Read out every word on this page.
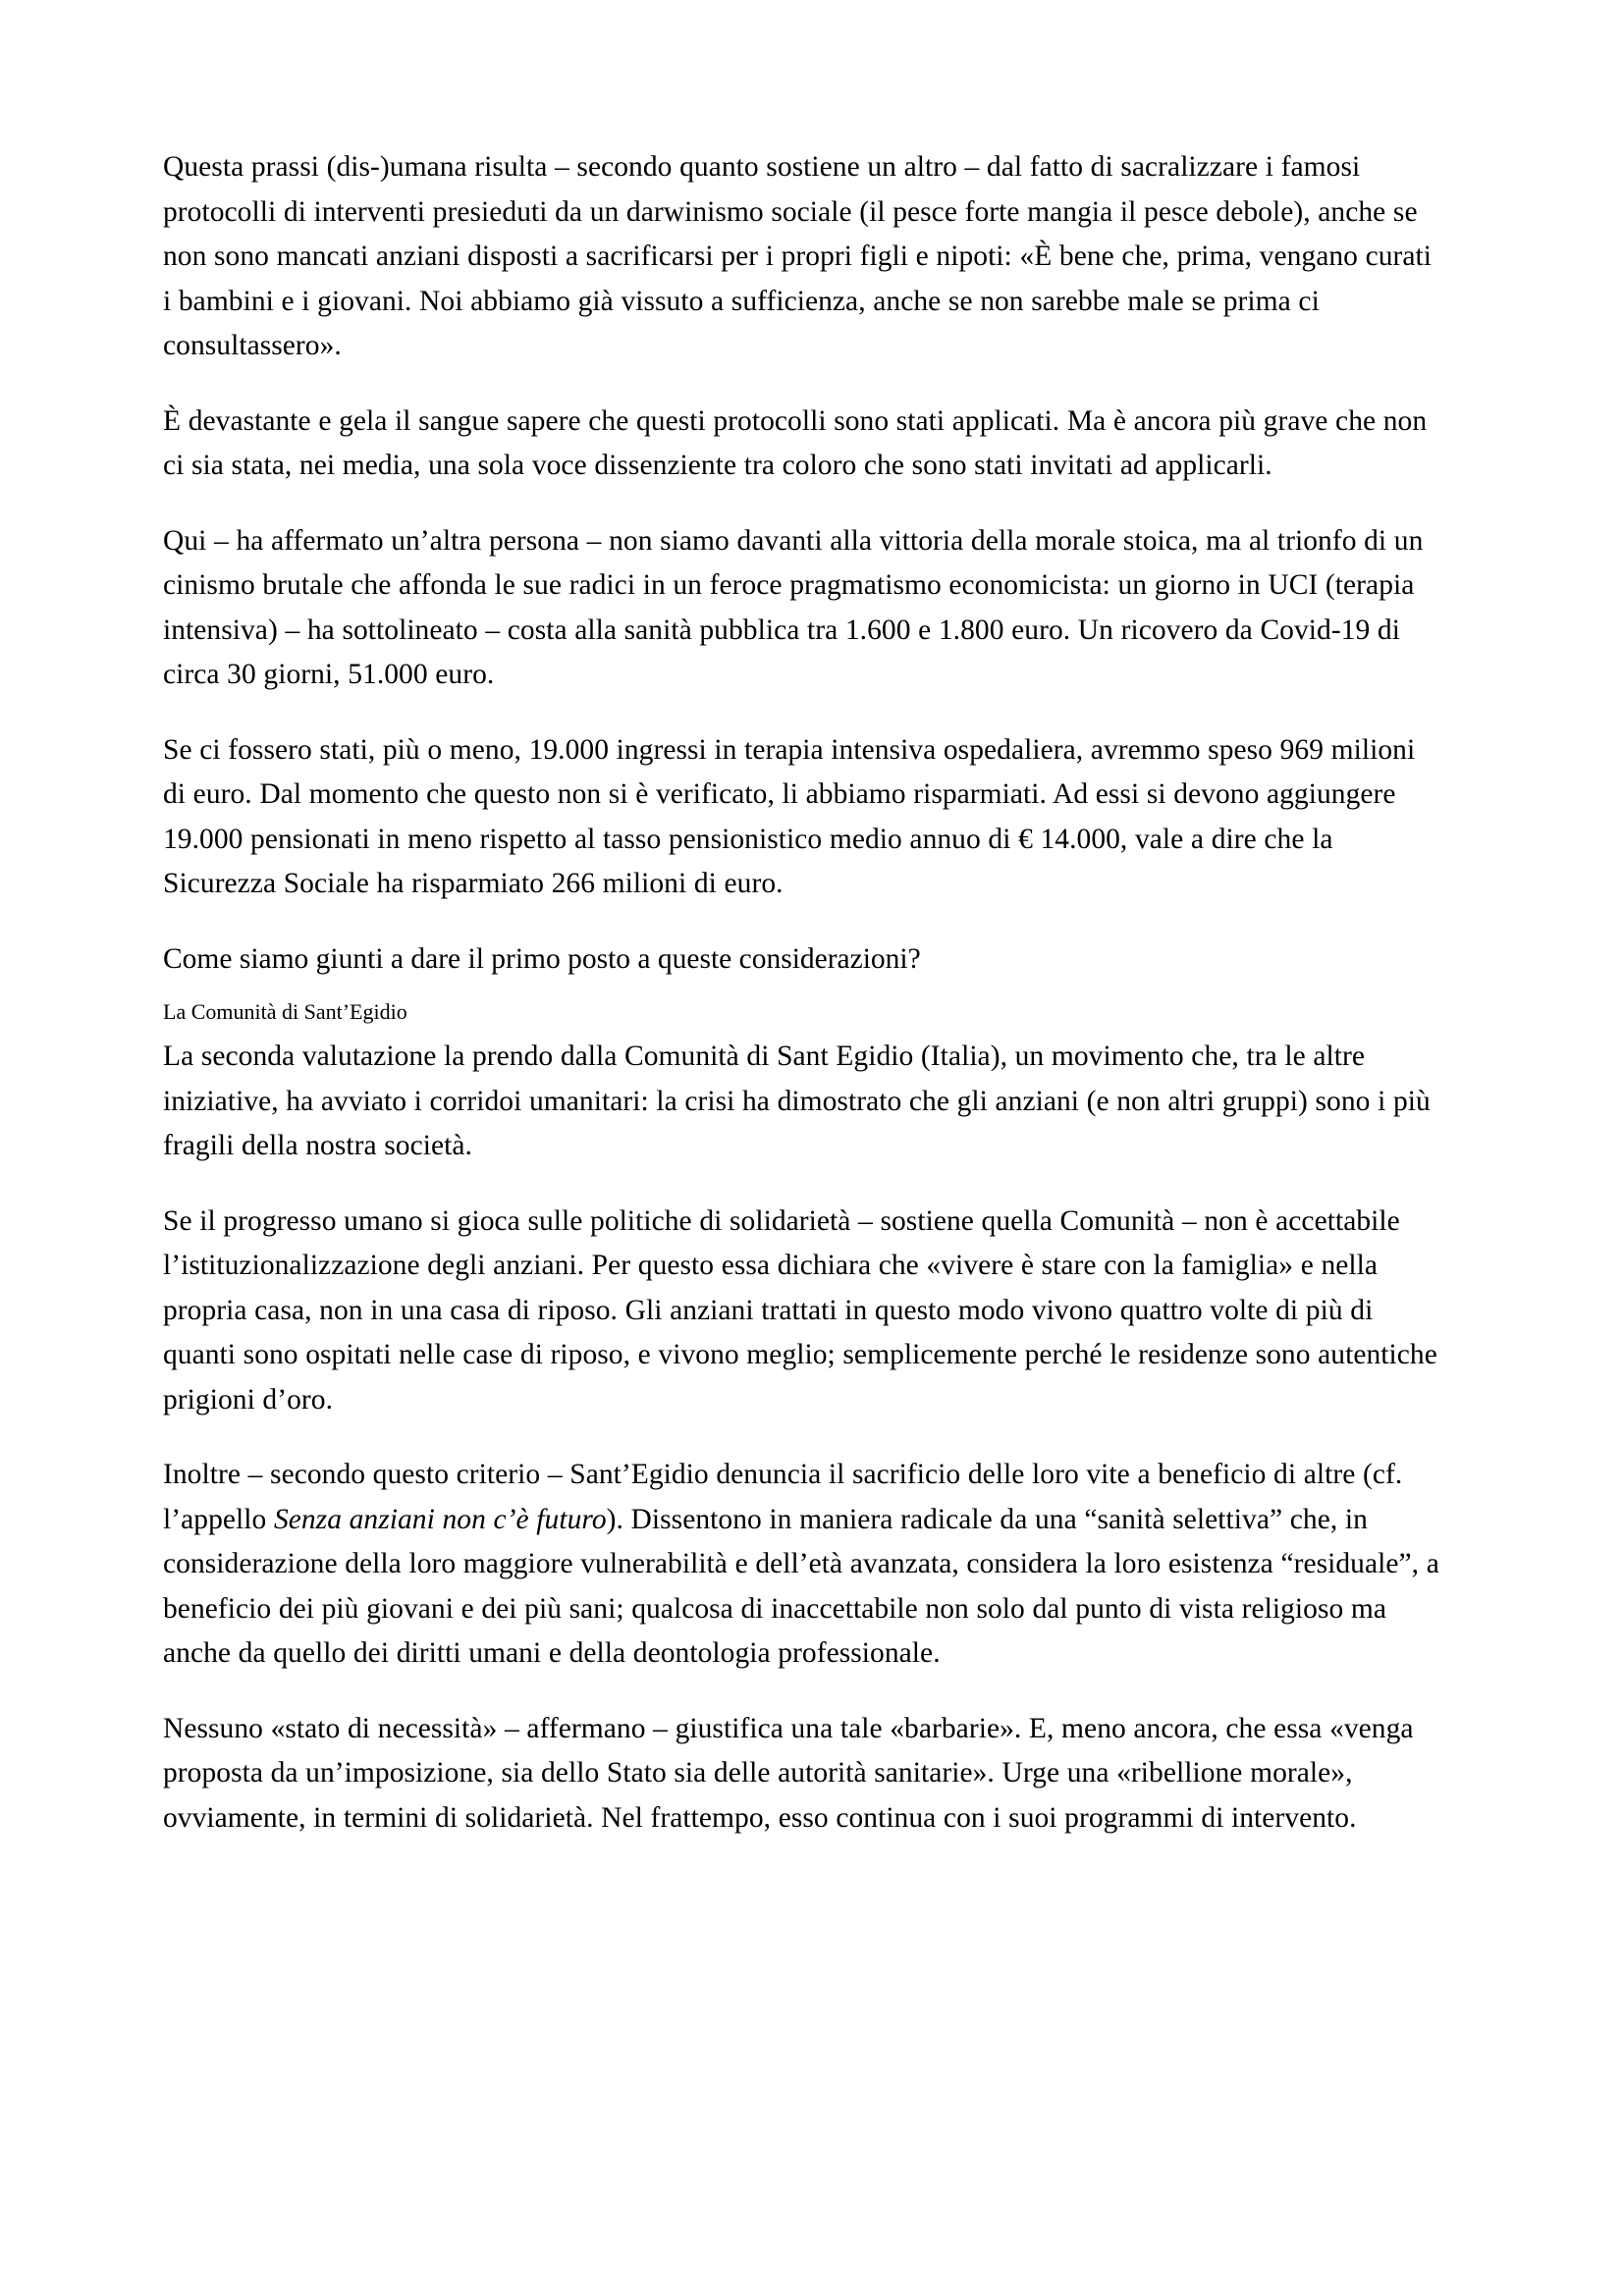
Questa prassi (dis-)umana risulta – secondo quanto sostiene un altro – dal fatto di sacralizzare i famosi protocolli di interventi presieduti da un darwinismo sociale (il pesce forte mangia il pesce debole), anche se non sono mancati anziani disposti a sacrificarsi per i propri figli e nipoti: «È bene che, prima, vengano curati i bambini e i giovani. Noi abbiamo già vissuto a sufficienza, anche se non sarebbe male se prima ci consultassero».

È devastante e gela il sangue sapere che questi protocolli sono stati applicati. Ma è ancora più grave che non ci sia stata, nei media, una sola voce dissenziente tra coloro che sono stati invitati ad applicarli.

Qui – ha affermato un’altra persona – non siamo davanti alla vittoria della morale stoica, ma al trionfo di un cinismo brutale che affonda le sue radici in un feroce pragmatismo economicista: un giorno in UCI (terapia intensiva) – ha sottolineato – costa alla sanità pubblica tra 1.600 e 1.800 euro. Un ricovero da Covid-19 di circa 30 giorni, 51.000 euro.

Se ci fossero stati, più o meno, 19.000 ingressi in terapia intensiva ospedaliera, avremmo speso 969 milioni di euro. Dal momento che questo non si è verificato, li abbiamo risparmiati. Ad essi si devono aggiungere 19.000 pensionati in meno rispetto al tasso pensionistico medio annuo di € 14.000, vale a dire che la Sicurezza Sociale ha risparmiato 266 milioni di euro.

Come siamo giunti a dare il primo posto a queste considerazioni?

La Comunità di Sant’Egidio

La seconda valutazione la prendo dalla Comunità di Sant Egidio (Italia), un movimento che, tra le altre iniziative, ha avviato i corridoi umanitari: la crisi ha dimostrato che gli anziani (e non altri gruppi) sono i più fragili della nostra società.

Se il progresso umano si gioca sulle politiche di solidarietà – sostiene quella Comunità – non è accettabile l’istituzionalizzazione degli anziani. Per questo essa dichiara che «vivere è stare con la famiglia» e nella propria casa, non in una casa di riposo. Gli anziani trattati in questo modo vivono quattro volte di più di quanti sono ospitati nelle case di riposo, e vivono meglio; semplicemente perché le residenze sono autentiche prigioni d’oro.

Inoltre – secondo questo criterio – Sant’Egidio denuncia il sacrificio delle loro vite a beneficio di altre (cf. l’appello Senza anziani non c’è futuro). Dissentono in maniera radicale da una “sanità selettiva” che, in considerazione della loro maggiore vulnerabilità e dell’età avanzata, considera la loro esistenza “residuale”, a beneficio dei più giovani e dei più sani; qualcosa di inaccettabile non solo dal punto di vista religioso ma anche da quello dei diritti umani e della deontologia professionale.

Nessuno «stato di necessità» – affermano – giustifica una tale «barbarie». E, meno ancora, che essa «venga proposta da un’imposizione, sia dello Stato sia delle autorità sanitarie». Urge una «ribellione morale», ovviamente, in termini di solidarietà. Nel frattempo, esso continua con i suoi programmi di intervento.
